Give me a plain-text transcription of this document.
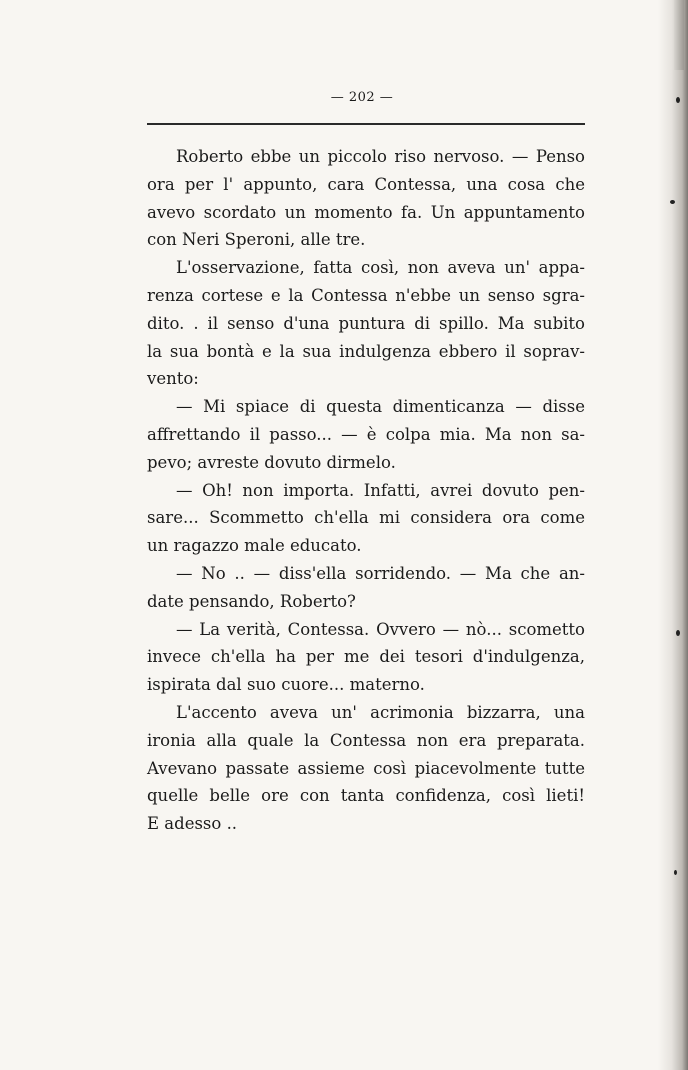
— 202 —
Roberto ebbe un piccolo riso nervoso. — Penso
ora per l' appunto, cara Contessa, una cosa che
avevo scordato un momento fa. Un appuntamento
con Neri Speroni, alle tre.
L'osservazione, fatta così, non aveva un' appa-
renza cortese e la Contessa n'ebbe un senso sgra-
dito. . il senso d'una puntura di spillo. Ma subito
la sua bontà e la sua indulgenza ebbero il soprav-
vento:
— Mi spiace di questa dimenticanza — disse
affrettando il passo... — è colpa mia. Ma non sa-
pevo; avreste dovuto dirmelo.
— Oh! non importa. Infatti, avrei dovuto pen-
sare... Scommetto ch'ella mi considera ora come
un ragazzo male educato.
— No .. — diss'ella sorridendo. — Ma che an-
date pensando, Roberto?
— La verità, Contessa. Ovvero — nò... scometto
invece ch'ella ha per me dei tesori d'indulgenza,
ispirata dal suo cuore... materno.
L'accento aveva un' acrimonia bizzarra, una
ironia alla quale la Contessa non era preparata.
Avevano passate assieme così piacevolmente tutte
quelle belle ore con tanta confidenza, così lieti!
E adesso ..
